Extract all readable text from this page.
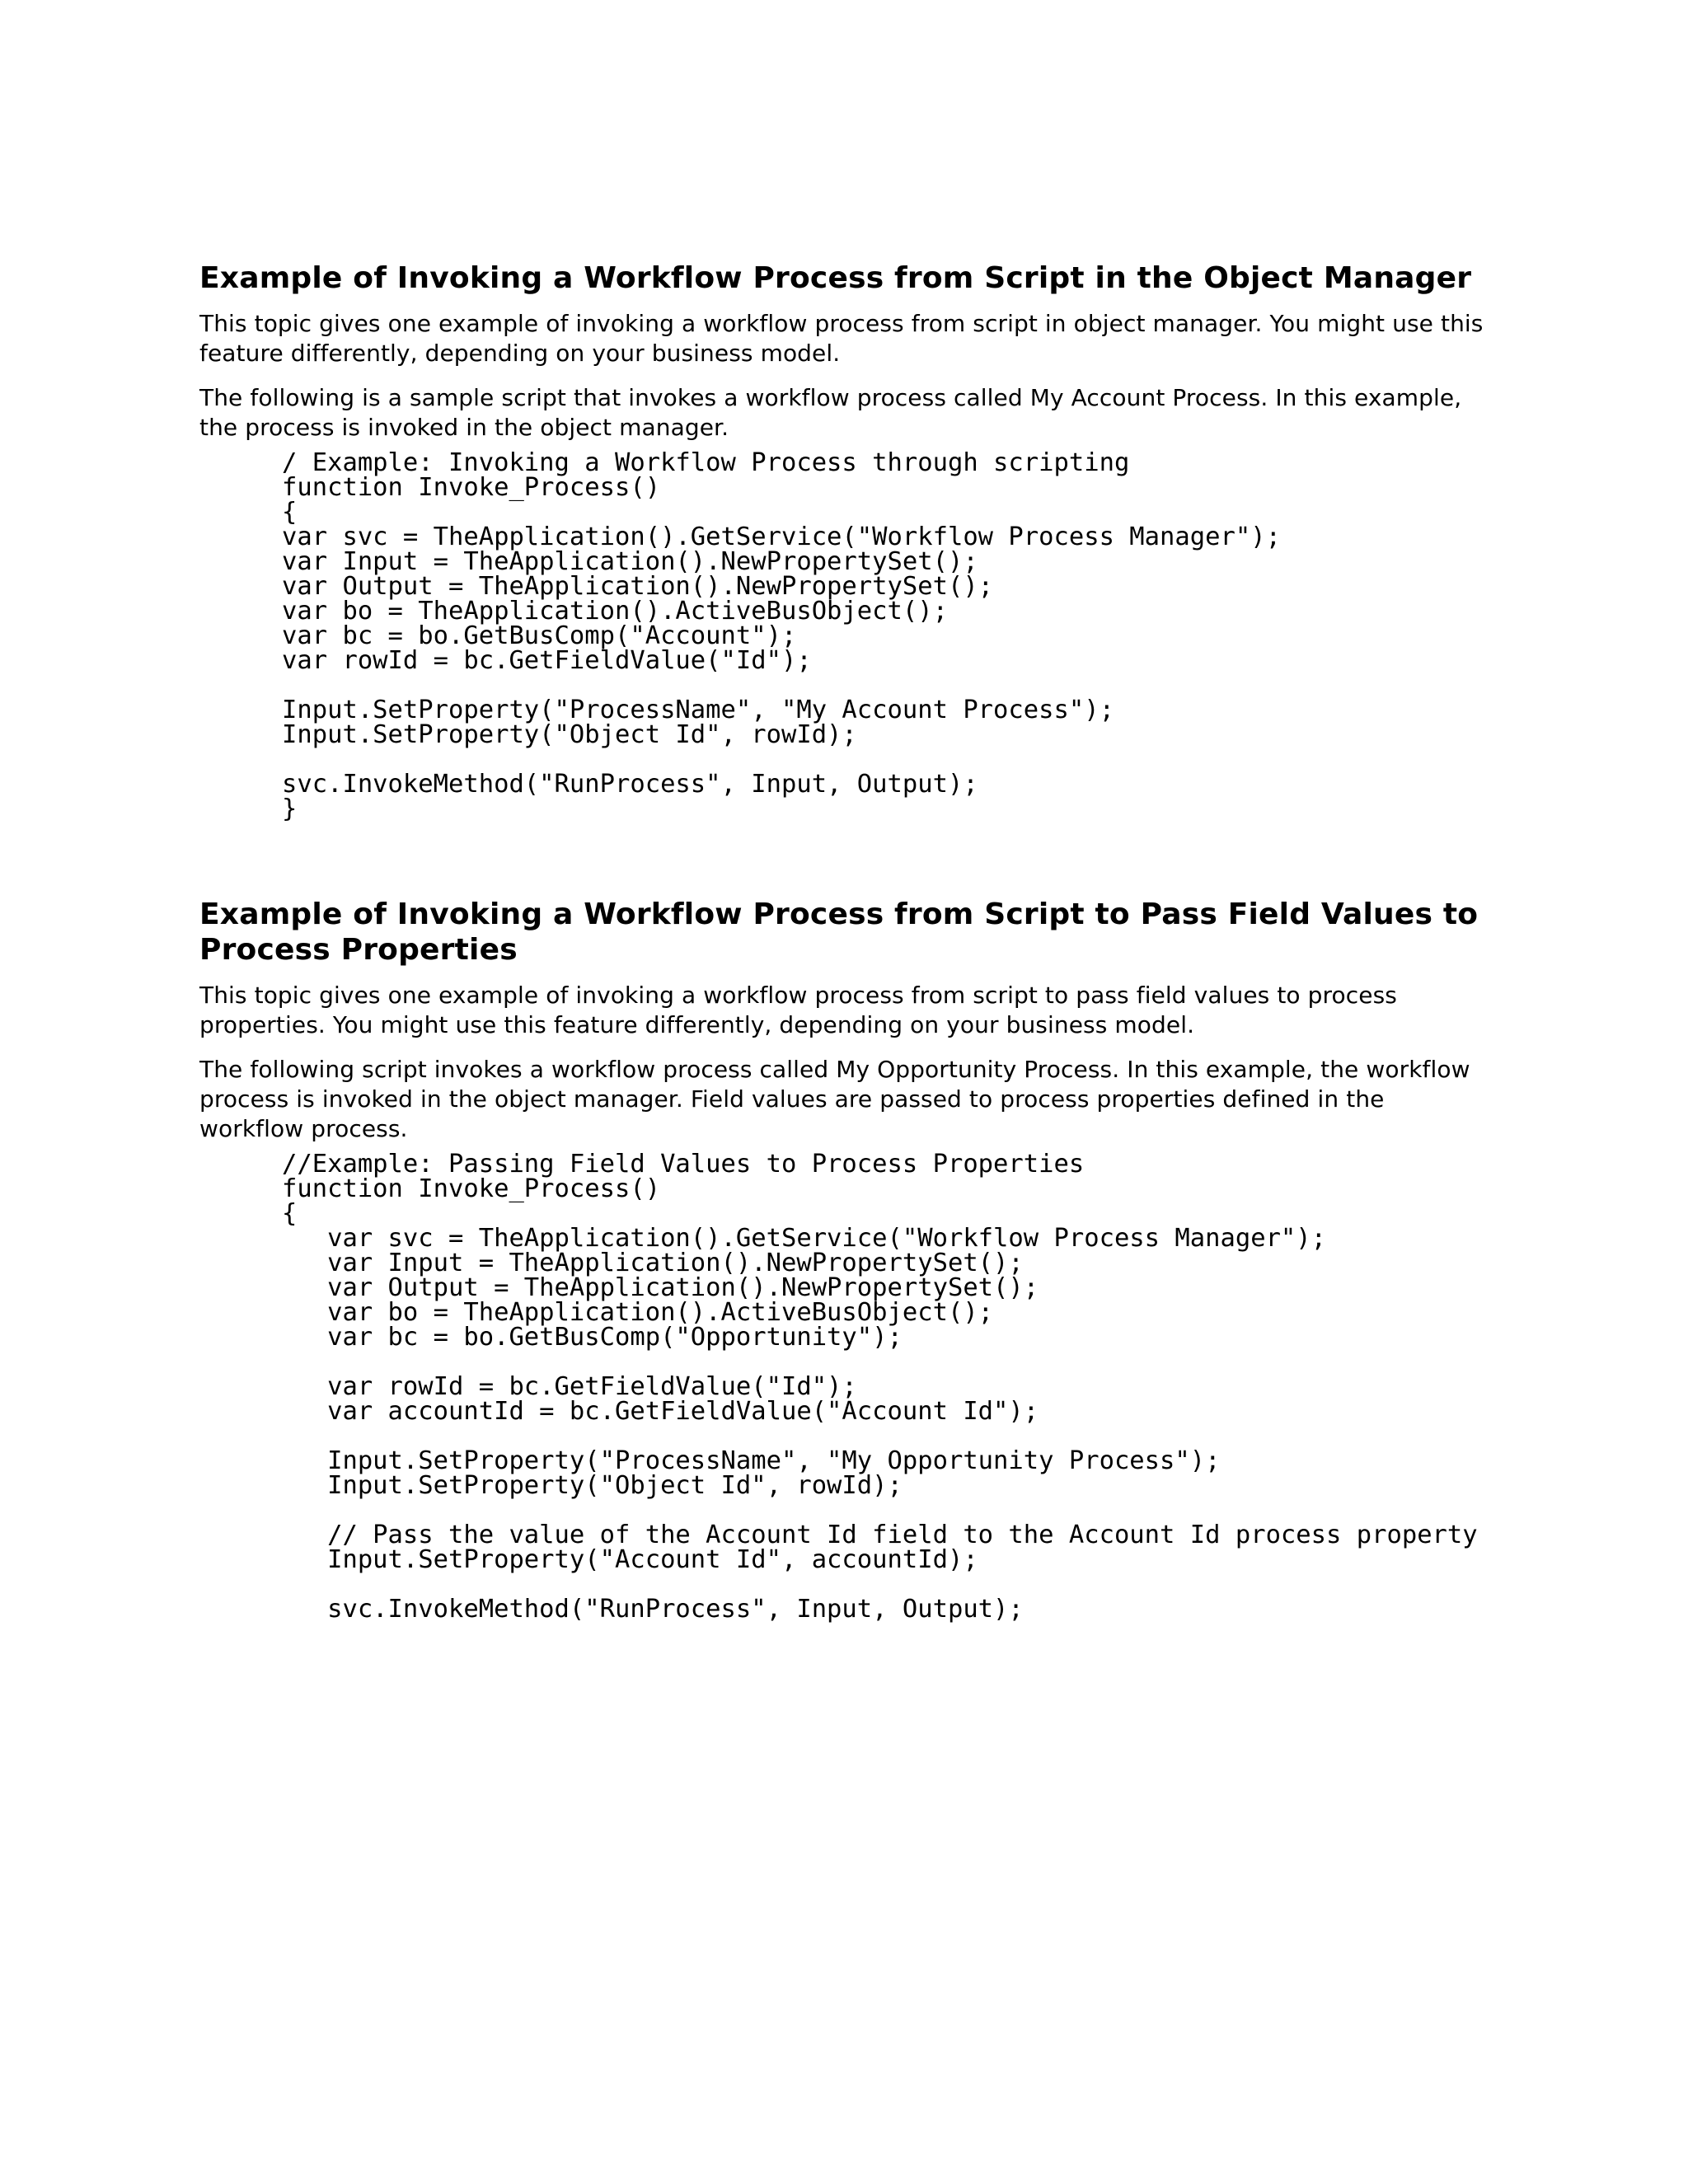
Example of Invoking a Workflow Process from Script in the Object Manager

This topic gives one example of invoking a workflow process from script in object manager. You might use this feature differently, depending on your business model.

The following is a sample script that invokes a workflow process called My Account Process. In this example, the process is invoked in the object manager.

/ Example: Invoking a Workflow Process through scripting
function Invoke_Process()
{
var svc = TheApplication().GetService("Workflow Process Manager");
var Input = TheApplication().NewPropertySet();
var Output = TheApplication().NewPropertySet();
var bo = TheApplication().ActiveBusObject();
var bc = bo.GetBusComp("Account");
var rowId = bc.GetFieldValue("Id");
Input.SetProperty("ProcessName", "My Account Process");
Input.SetProperty("Object Id", rowId);
svc.InvokeMethod("RunProcess", Input, Output);
}
Example of Invoking a Workflow Process from Script to Pass Field Values to Process Properties

This topic gives one example of invoking a workflow process from script to pass field values to process properties. You might use this feature differently, depending on your business model.

The following script invokes a workflow process called My Opportunity Process. In this example, the workflow process is invoked in the object manager. Field values are passed to process properties defined in the workflow process.

//Example: Passing Field Values to Process Properties
function Invoke_Process()
{
var svc = TheApplication().GetService("Workflow Process Manager");
var Input = TheApplication().NewPropertySet();
var Output = TheApplication().NewPropertySet();
var bo = TheApplication().ActiveBusObject();
var bc = bo.GetBusComp("Opportunity");
var rowId = bc.GetFieldValue("Id");
var accountId = bc.GetFieldValue("Account Id");
Input.SetProperty("ProcessName", "My Opportunity Process");
Input.SetProperty("Object Id", rowId);
// Pass the value of the Account Id field to the Account Id process property
Input.SetProperty("Account Id", accountId);
svc.InvokeMethod("RunProcess", Input, Output);
